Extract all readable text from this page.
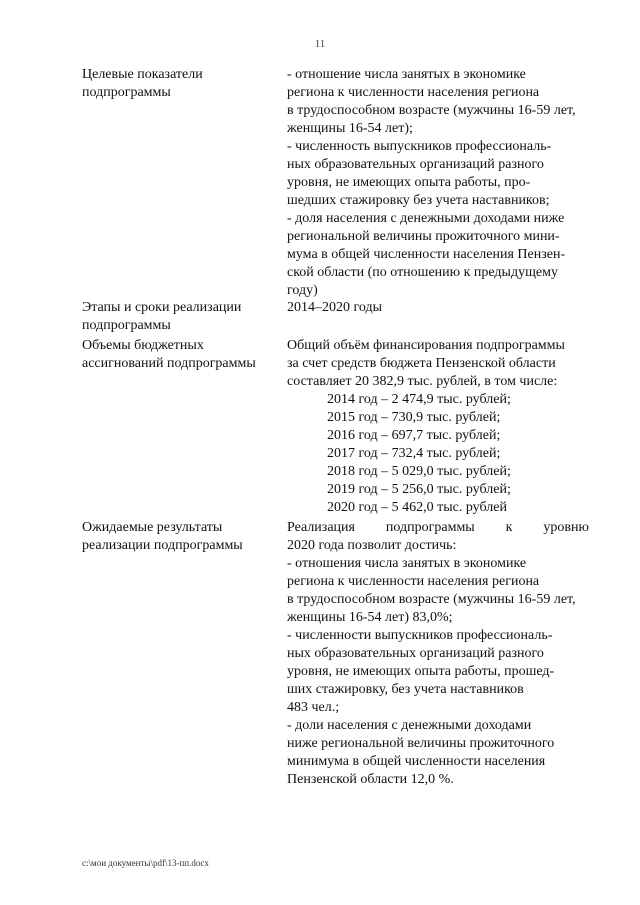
11
Целевые показатели
подпрограммы
- отношение числа занятых в экономике
региона к численности населения региона
в трудоспособном возрасте (мужчины 16-59 лет,
женщины 16-54 лет);
- численность выпускников профессиональ-
ных образовательных организаций разного
уровня, не имеющих опыта работы, про-
шедших стажировку без учета наставников;
- доля населения с денежными доходами ниже
региональной величины прожиточного мини-
мума в общей численности населения Пензен-
ской области (по отношению к предыдущему
году)
Этапы и сроки реализации
подпрограммы
2014–2020 годы
Объемы бюджетных
ассигнований подпрограммы
Общий объём финансирования подпрограммы
за счет средств бюджета Пензенской области
составляет 20 382,9 тыс. рублей, в том числе:
2014 год – 2 474,9 тыс. рублей;
2015 год – 730,9 тыс. рублей;
2016 год – 697,7 тыс. рублей;
2017 год – 732,4 тыс. рублей;
2018 год – 5 029,0 тыс. рублей;
2019 год – 5 256,0 тыс. рублей;
2020 год – 5 462,0 тыс. рублей
Ожидаемые результаты
реализации подпрограммы
Реализация подпрограммы к уровню
2020 года позволит достичь:
- отношения числа занятых в экономике
региона к численности населения региона
в трудоспособном возрасте (мужчины 16-59 лет,
женщины 16-54 лет) 83,0%;
- численности выпускников профессиональ-
ных образовательных организаций разного
уровня, не имеющих опыта работы, прошед-
ших стажировку, без учета наставников
483 чел.;
- доли населения с денежными доходами
ниже региональной величины прожиточного
минимума в общей численности населения
Пензенской области 12,0 %.
c:\мои документы\pdf\13-пп.docx
